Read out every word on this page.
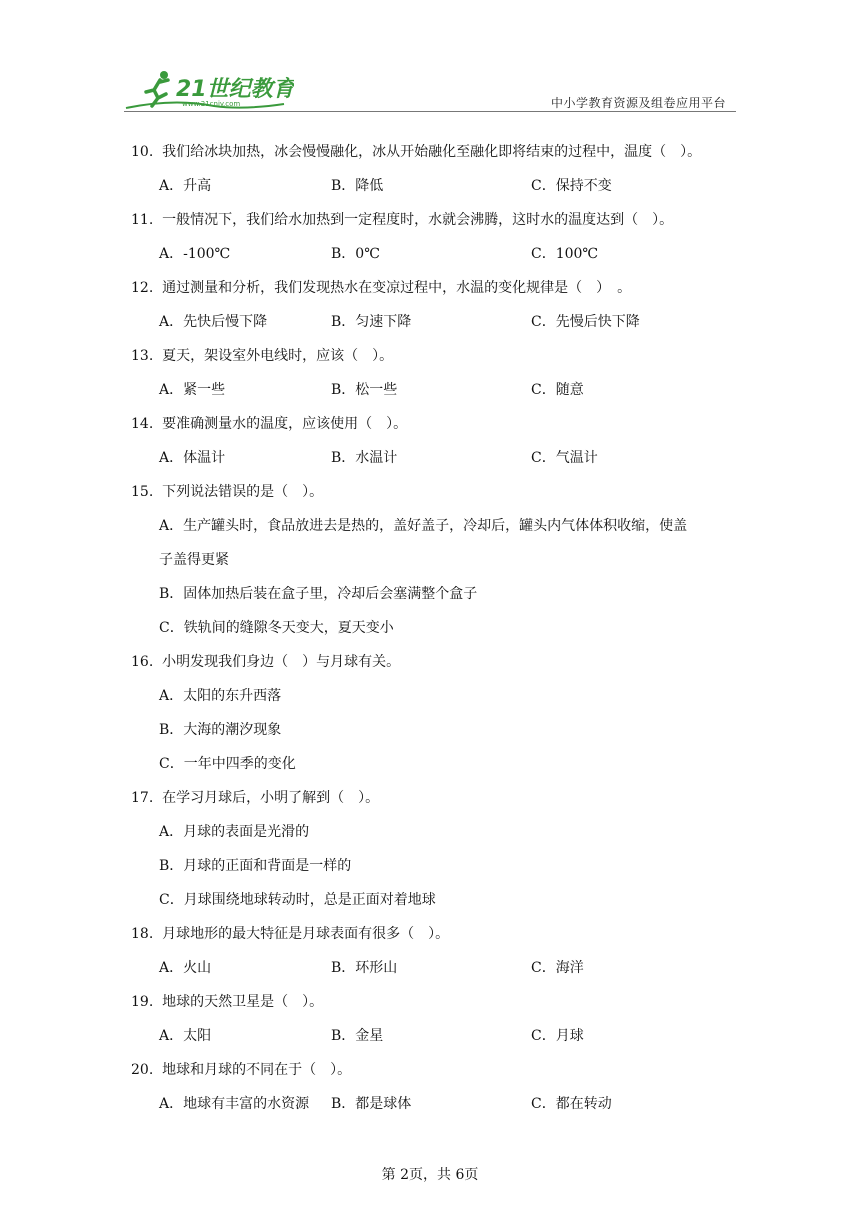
21世纪教育
www.21cnjy.com	中小学教育资源及组卷应用平台
10. 我们给冰块加热，冰会慢慢融化，冰从开始融化至融化即将结束的过程中，温度（　）。
A．升高	B．降低	C．保持不变
11. 一般情况下，我们给水加热到一定程度时，水就会沸腾，这时水的温度达到（　）。
A．-100℃	B．0℃	C．100℃
12. 通过测量和分析，我们发现热水在变凉过程中，水温的变化规律是（　）　。
A．先快后慢下降	B．匀速下降	C．先慢后快下降
13. 夏天，架设室外电线时，应该（　）。
A．紧一些	B．松一些	C．随意
14. 要准确测量水的温度，应该使用（　）。
A．体温计	B．水温计	C．气温计
15. 下列说法错误的是（　）。
A．生产罐头时，食品放进去是热的，盖好盖子，冷却后，罐头内气体体积收缩，使盖
子盖得更紧
B．固体加热后装在盒子里，冷却后会塞满整个盒子
C．铁轨间的缝隙冬天变大，夏天变小
16. 小明发现我们身边（　）与月球有关。
A．太阳的东升西落
B．大海的潮汐现象
C．一年中四季的变化
17. 在学习月球后，小明了解到（　）。
A．月球的表面是光滑的
B．月球的正面和背面是一样的
C．月球围绕地球转动时，总是正面对着地球
18. 月球地形的最大特征是月球表面有很多（　）。
A．火山	B．环形山	C．海洋
19. 地球的天然卫星是（　）。
A．太阳	B．金星	C．月球
20. 地球和月球的不同在于（　）。
A．地球有丰富的水资源	B．都是球体	C．都在转动
第 2页，共 6页
